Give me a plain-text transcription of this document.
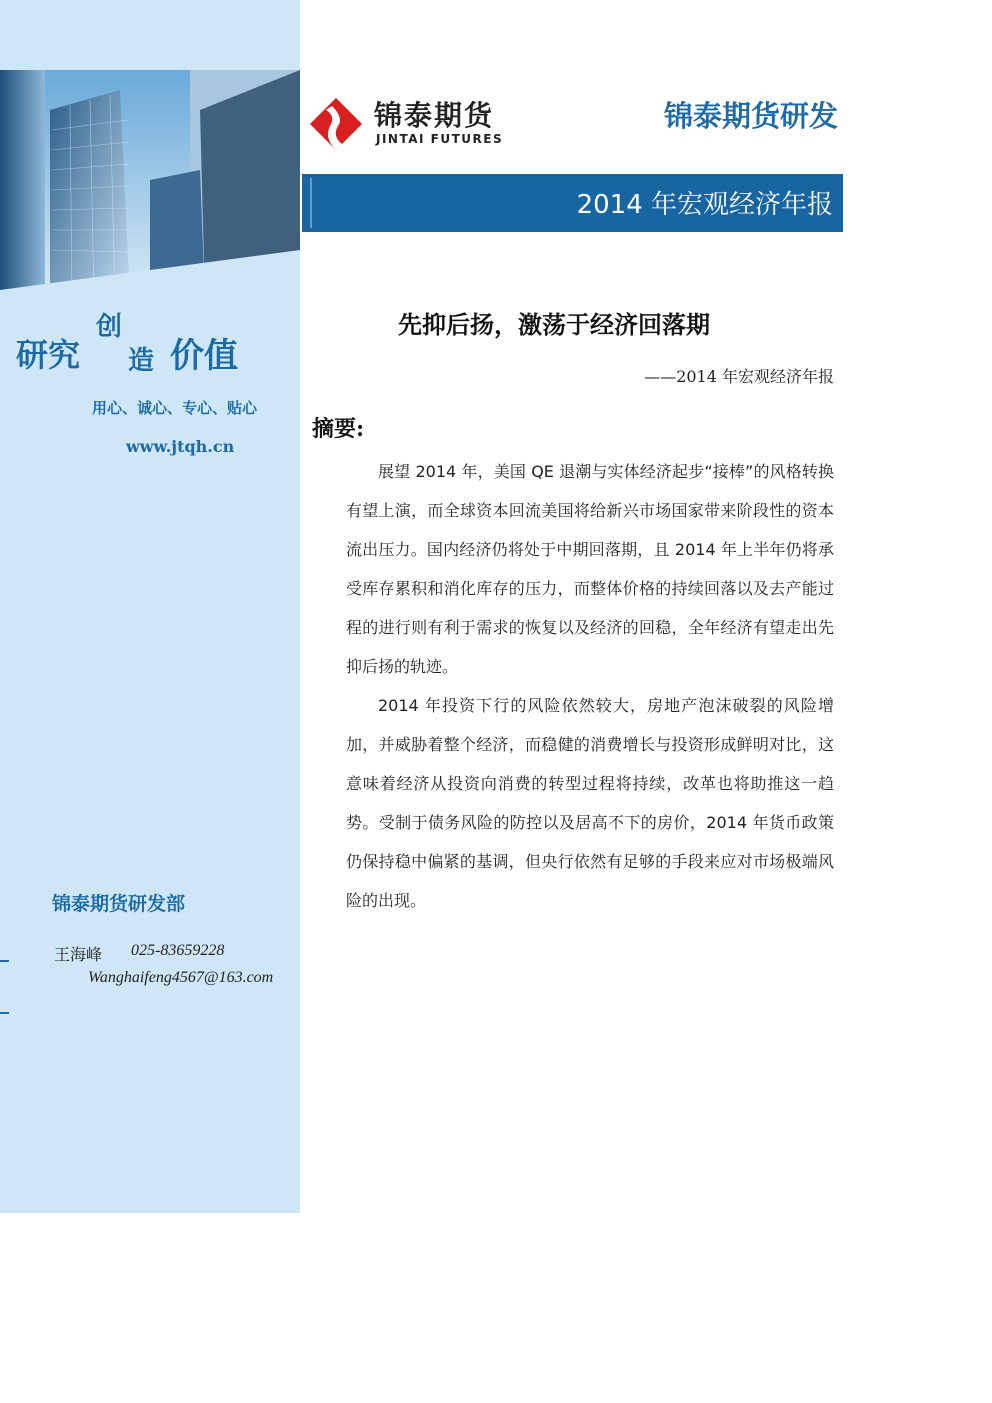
研究
创
造 价值
用心、诚心、专心、贴心
www.jtqh.cn
锦泰期货研发部
王海峰 025-83659228
Wanghaifeng4567@163.com
锦泰期货
JINTAI FUTURES
锦泰期货研发
2014 年宏观经济年报
先抑后扬，激荡于经济回落期
——2014 年宏观经济年报
摘要:

展望 2014 年，美国 QE 退潮与实体经济起步“接棒”的风格转换有望上演，而全球资本回流美国将给新兴市场国家带来阶段性的资本流出压力。国内经济仍将处于中期回落期，且 2014 年上半年仍将承受库存累积和消化库存的压力，而整体价格的持续回落以及去产能过程的进行则有利于需求的恢复以及经济的回稳，全年经济有望走出先抑后扬的轨迹。

2014 年投资下行的风险依然较大，房地产泡沫破裂的风险增加，并威胁着整个经济，而稳健的消费增长与投资形成鲜明对比，这意味着经济从投资向消费的转型过程将持续，改革也将助推这一趋势。受制于债务风险的防控以及居高不下的房价，2014 年货币政策仍保持稳中偏紧的基调，但央行依然有足够的手段来应对市场极端风险的出现。
